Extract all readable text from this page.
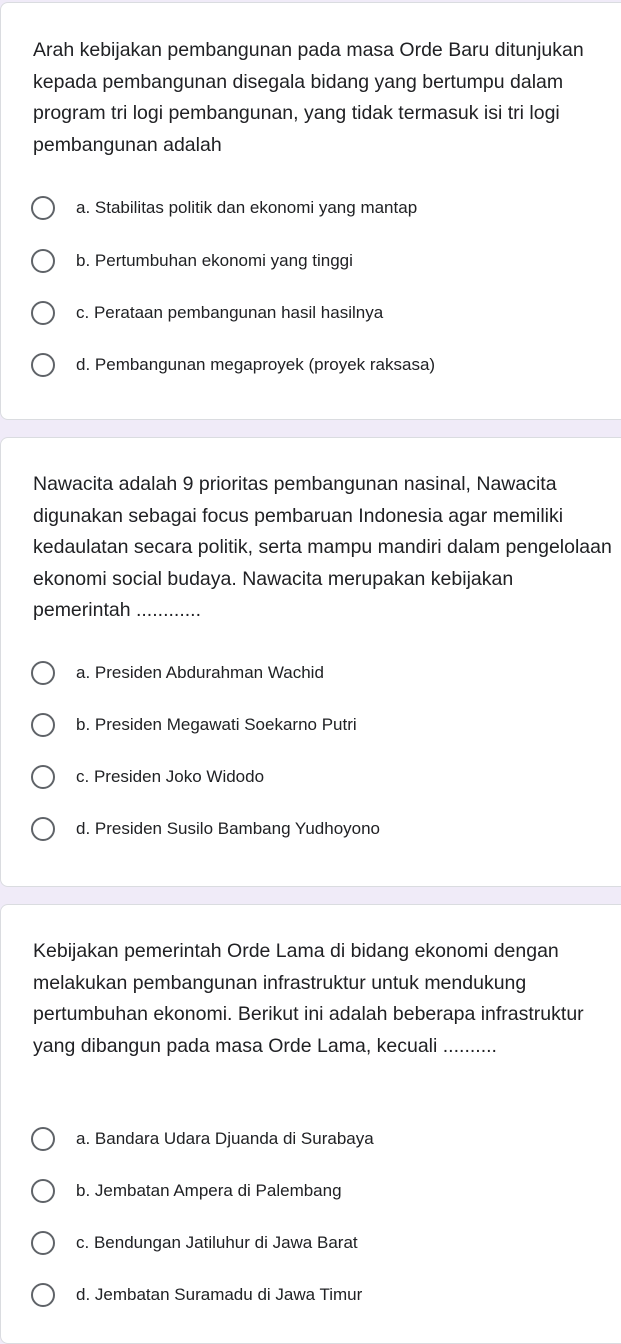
Arah kebijakan pembangunan pada masa Orde Baru ditunjukan kepada pembangunan disegala bidang yang bertumpu dalam program tri logi pembangunan, yang tidak termasuk isi tri logi pembangunan adalah

a. Stabilitas politik dan ekonomi yang mantap
b. Pertumbuhan ekonomi yang tinggi
c. Perataan pembangunan hasil hasilnya
d. Pembangunan megaproyek (proyek raksasa)

Nawacita adalah 9 prioritas pembangunan nasinal, Nawacita digunakan sebagai focus pembaruan Indonesia agar memiliki kedaulatan secara politik, serta mampu mandiri dalam pengelolaan ekonomi social budaya. Nawacita merupakan kebijakan pemerintah ............

a. Presiden Abdurahman Wachid
b. Presiden Megawati Soekarno Putri
c. Presiden Joko Widodo
d. Presiden Susilo Bambang Yudhoyono

Kebijakan pemerintah Orde Lama di bidang ekonomi dengan melakukan pembangunan infrastruktur untuk mendukung pertumbuhan ekonomi. Berikut ini adalah beberapa infrastruktur yang dibangun pada masa Orde Lama, kecuali ..........

a. Bandara Udara Djuanda di Surabaya
b. Jembatan Ampera di Palembang
c. Bendungan Jatiluhur di Jawa Barat
d. Jembatan Suramadu di Jawa Timur
